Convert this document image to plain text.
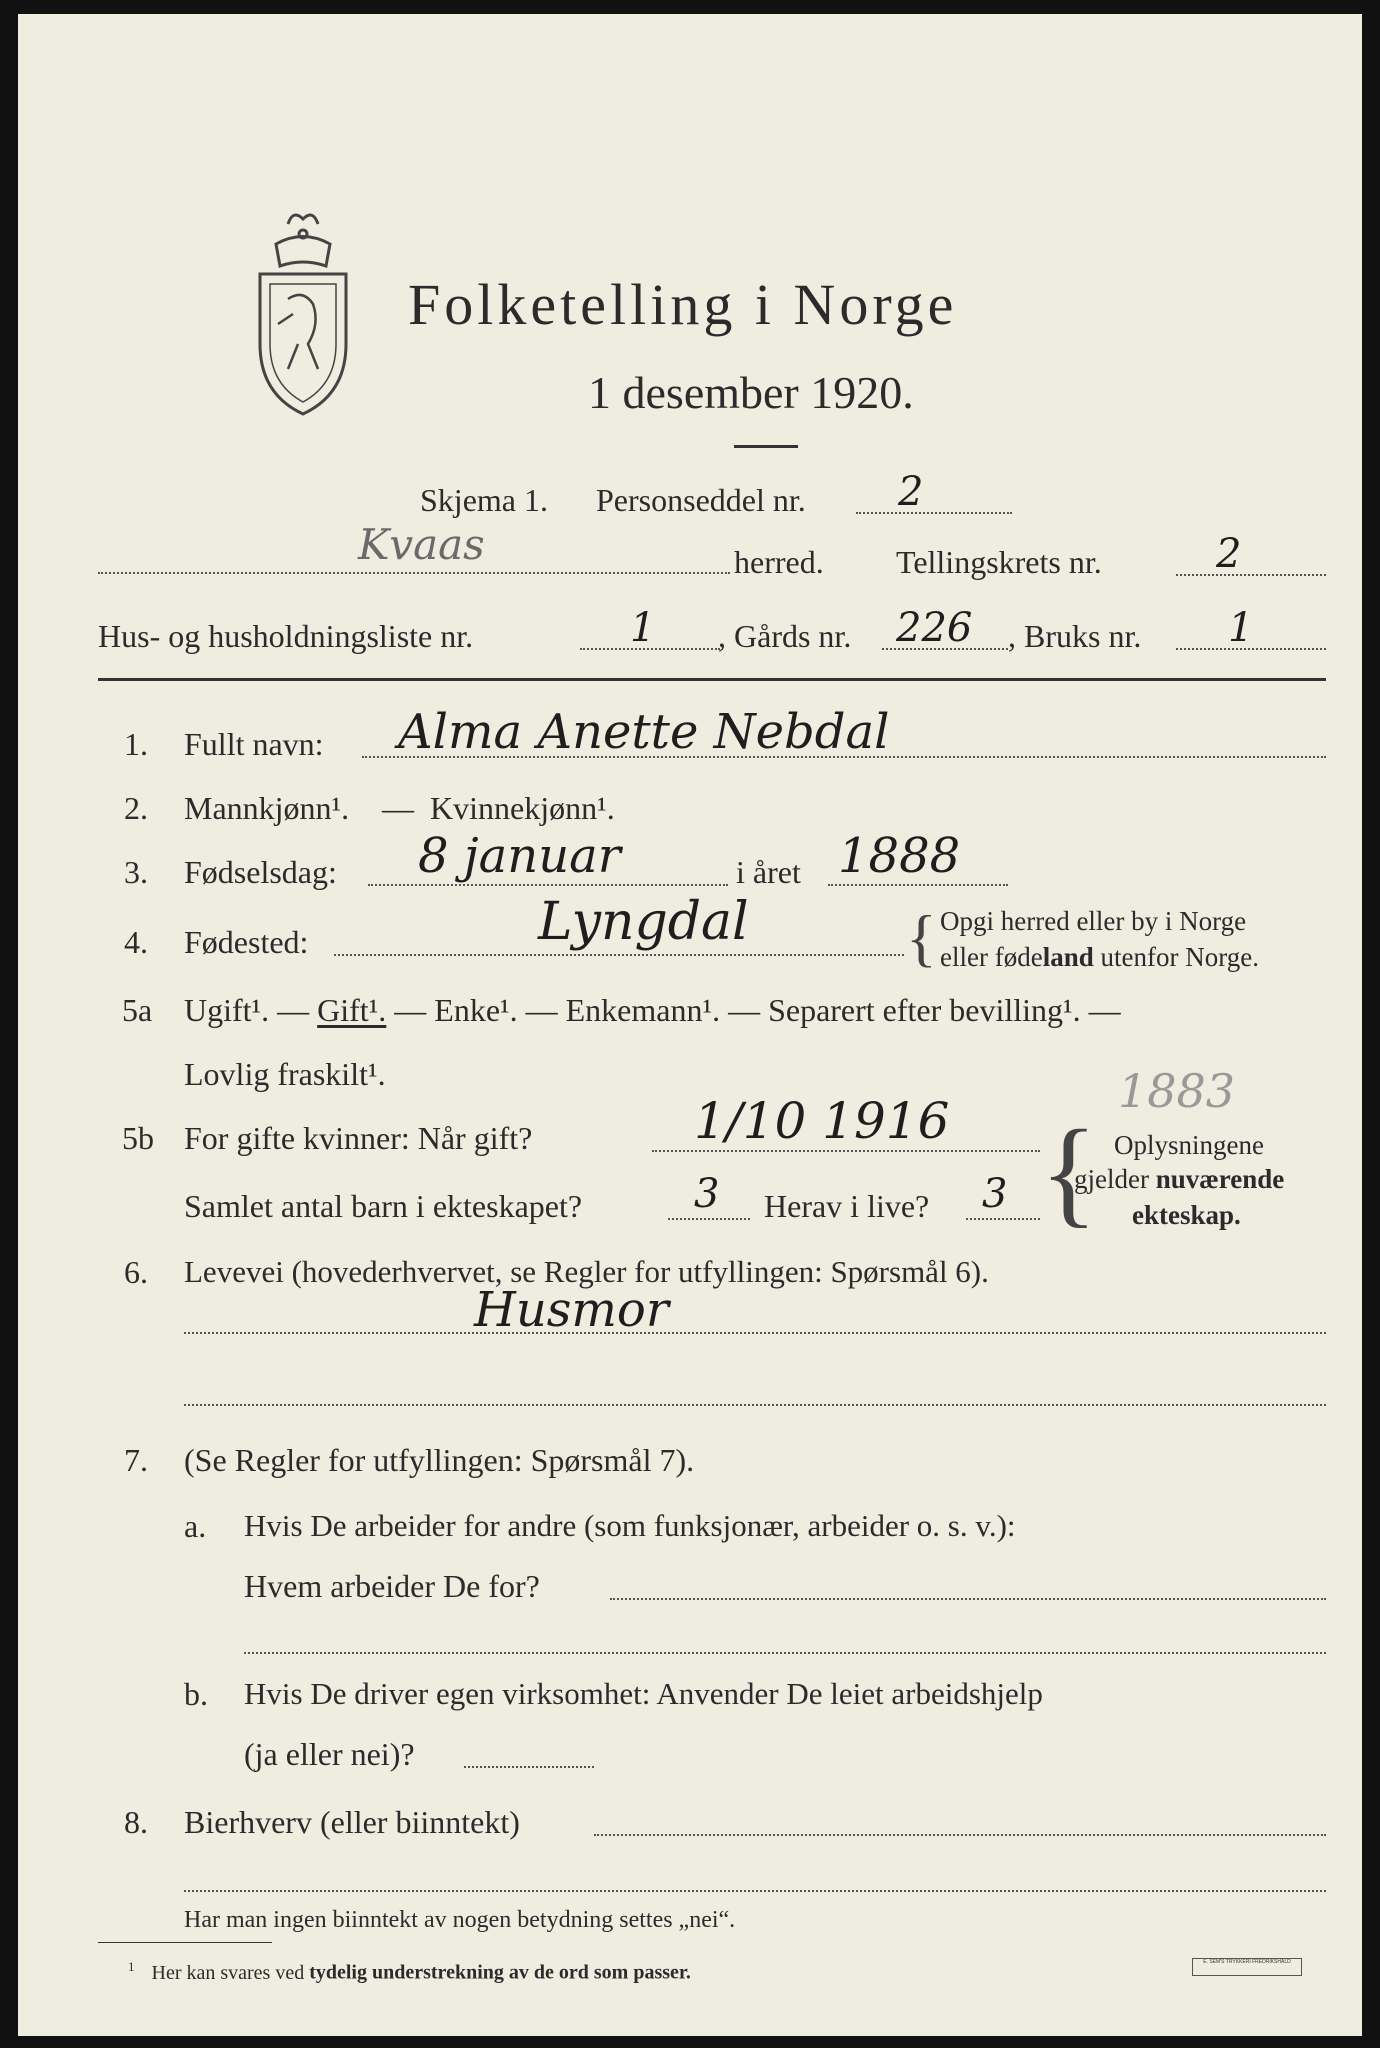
Folketelling i Norge
1 desember 1920.
Skjema 1. Personseddel nr. 2
Kvaas	herred. Tellingskrets nr.	2
Hus- og husholdningsliste nr.	1 , Gårds nr. 226 , Bruks nr. 1
1. Fullt navn: Alma Anette Nebdal
2. Mannkjønn¹. — Kvinnekjønn¹.
3. Fødselsdag: 8 januar	i året 1888
4. Fødested:	Lyngdal { Opgi herred eller by i Norge
eller fødeland utenfor Norge.
5a Ugift¹. — Gift¹. — Enke¹. — Enkemann¹. — Separert efter bevilling¹. —
Lovlig fraskilt¹.	1883
5b For gifte kvinner: Når gift?	1/10 1916
Samlet antal barn i ekteskapet?	3 Herav i live? 3 { Oplysningene
gjelder nuværende
ekteskap.
6. Levevei (hovederhvervet, se Regler for utfyllingen: Spørsmål 6).
Husmor
7. (Se Regler for utfyllingen: Spørsmål 7).
a. Hvis De arbeider for andre (som funksjonær, arbeider o. s. v.):
Hvem arbeider De for?
b. Hvis De driver egen virksomhet: Anvender De leiet arbeidshjelp
(ja eller nei)?
8. Bierhverv (eller biinntekt)
Har man ingen biinntekt av nogen betydning settes „nei“.
$^1$ Her kan svares ved tydelig understrekning av de ord som passer.	E. SEM'S TRYKKERI FREDRIKSHALD
